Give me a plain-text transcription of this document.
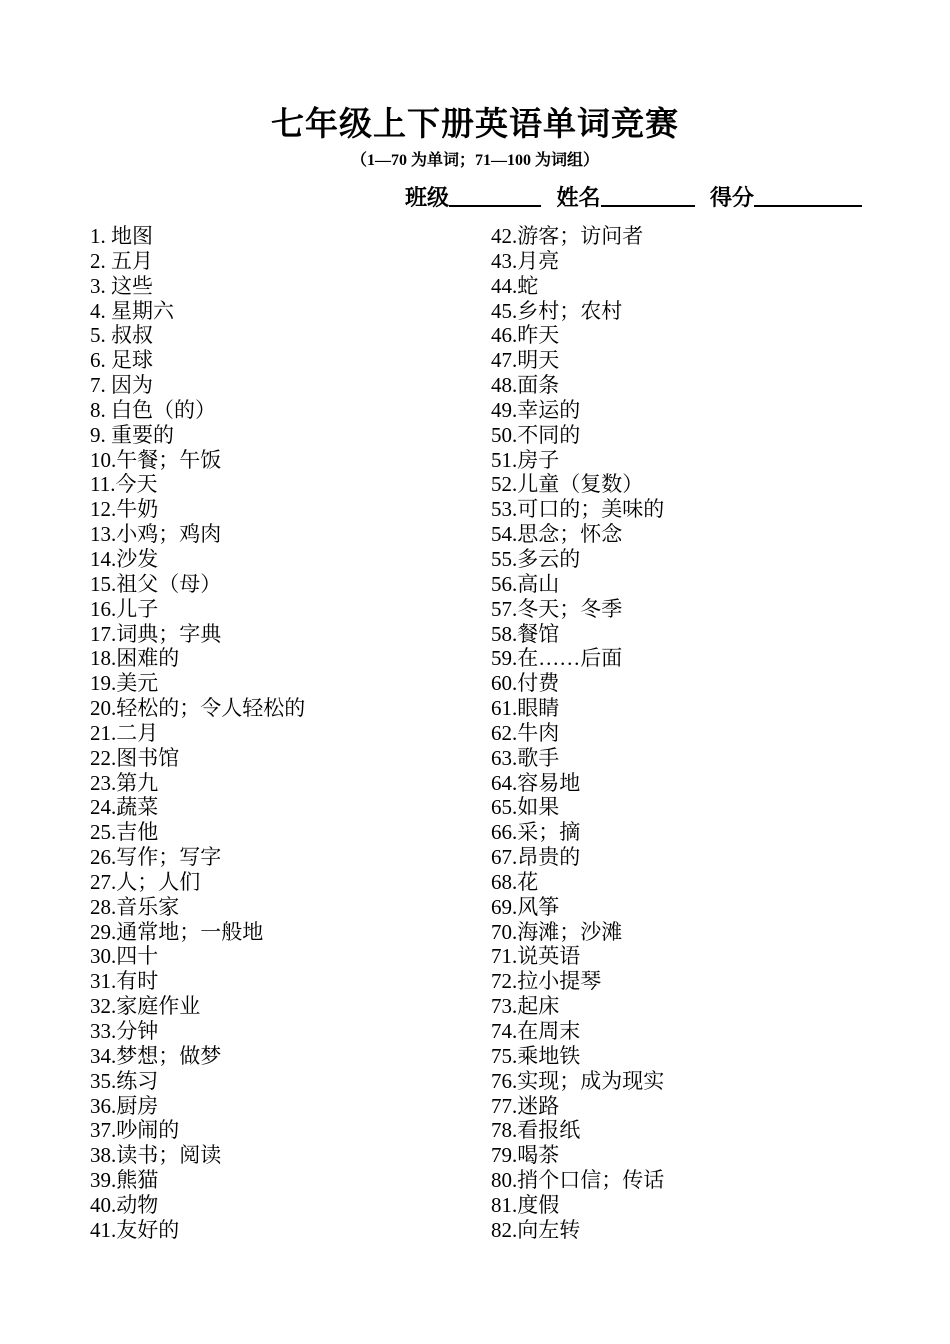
七年级上下册英语单词竞赛
（1—70 为单词；71—100 为词组）
班级	姓名	得分
1. 地图
2. 五月
3. 这些
4. 星期六
5. 叔叔
6. 足球
7. 因为
8. 白色（的）
9. 重要的
10.午餐；午饭
11.今天
12.牛奶
13.小鸡；鸡肉
14.沙发
15.祖父（母）
16.儿子
17.词典；字典
18.困难的
19.美元
20.轻松的；令人轻松的
21.二月
22.图书馆
23.第九
24.蔬菜
25.吉他
26.写作；写字
27.人；人们
28.音乐家
29.通常地；一般地
30.四十
31.有时
32.家庭作业
33.分钟
34.梦想；做梦
35.练习
36.厨房
37.吵闹的
38.读书；阅读
39.熊猫
40.动物
41.友好的
42.游客；访问者
43.月亮
44.蛇
45.乡村；农村
46.昨天
47.明天
48.面条
49.幸运的
50.不同的
51.房子
52.儿童（复数）
53.可口的；美味的
54.思念；怀念
55.多云的
56.高山
57.冬天；冬季
58.餐馆
59.在……后面
60.付费
61.眼睛
62.牛肉
63.歌手
64.容易地
65.如果
66.采；摘
67.昂贵的
68.花
69.风筝
70.海滩；沙滩
71.说英语
72.拉小提琴
73.起床
74.在周末
75.乘地铁
76.实现；成为现实
77.迷路
78.看报纸
79.喝茶
80.捎个口信；传话
81.度假
82.向左转
